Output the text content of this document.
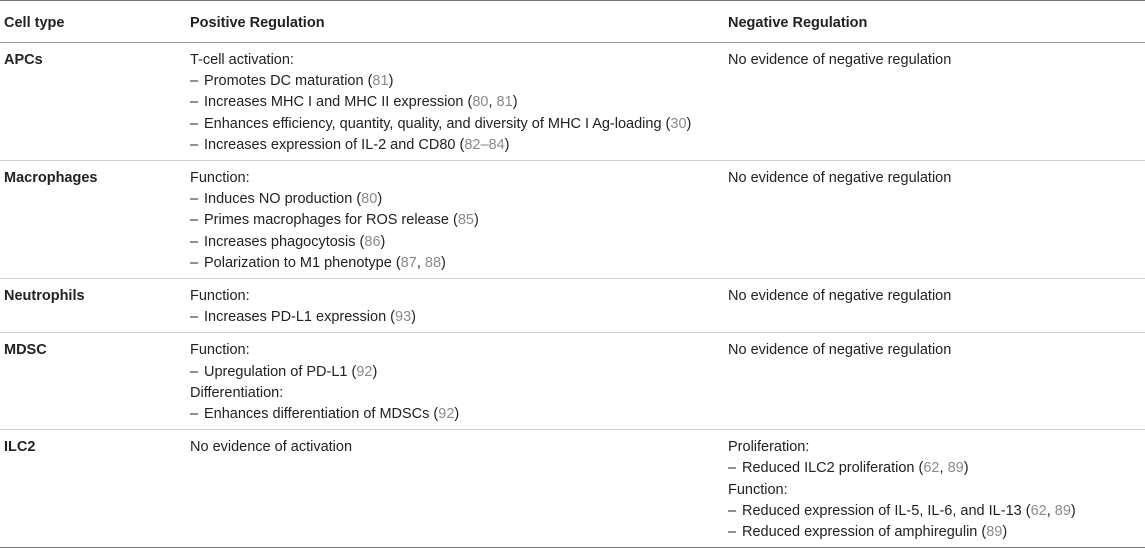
Cell type	Positive Regulation	Negative Regulation
APCs	T-cell activation:
– Promotes DC maturation (81)
– Increases MHC I and MHC II expression (80, 81)
– Enhances efficiency, quantity, quality, and diversity of MHC I Ag-loading (30)
– Increases expression of IL-2 and CD80 (82–84)	No evidence of negative regulation

Macrophages	Function:
– Induces NO production (80)
– Primes macrophages for ROS release (85)
– Increases phagocytosis (86)
– Polarization to M1 phenotype (87, 88)	No evidence of negative regulation

Neutrophils	Function:
– Increases PD-L1 expression (93)	No evidence of negative regulation

MDSC	Function:
– Upregulation of PD-L1 (92)
Differentiation:
– Enhances differentiation of MDSCs (92)	No evidence of negative regulation

ILC2	No evidence of activation	Proliferation:
– Reduced ILC2 proliferation (62, 89)
Function:
– Reduced expression of IL-5, IL-6, and IL-13 (62, 89)
– Reduced expression of amphiregulin (89)
